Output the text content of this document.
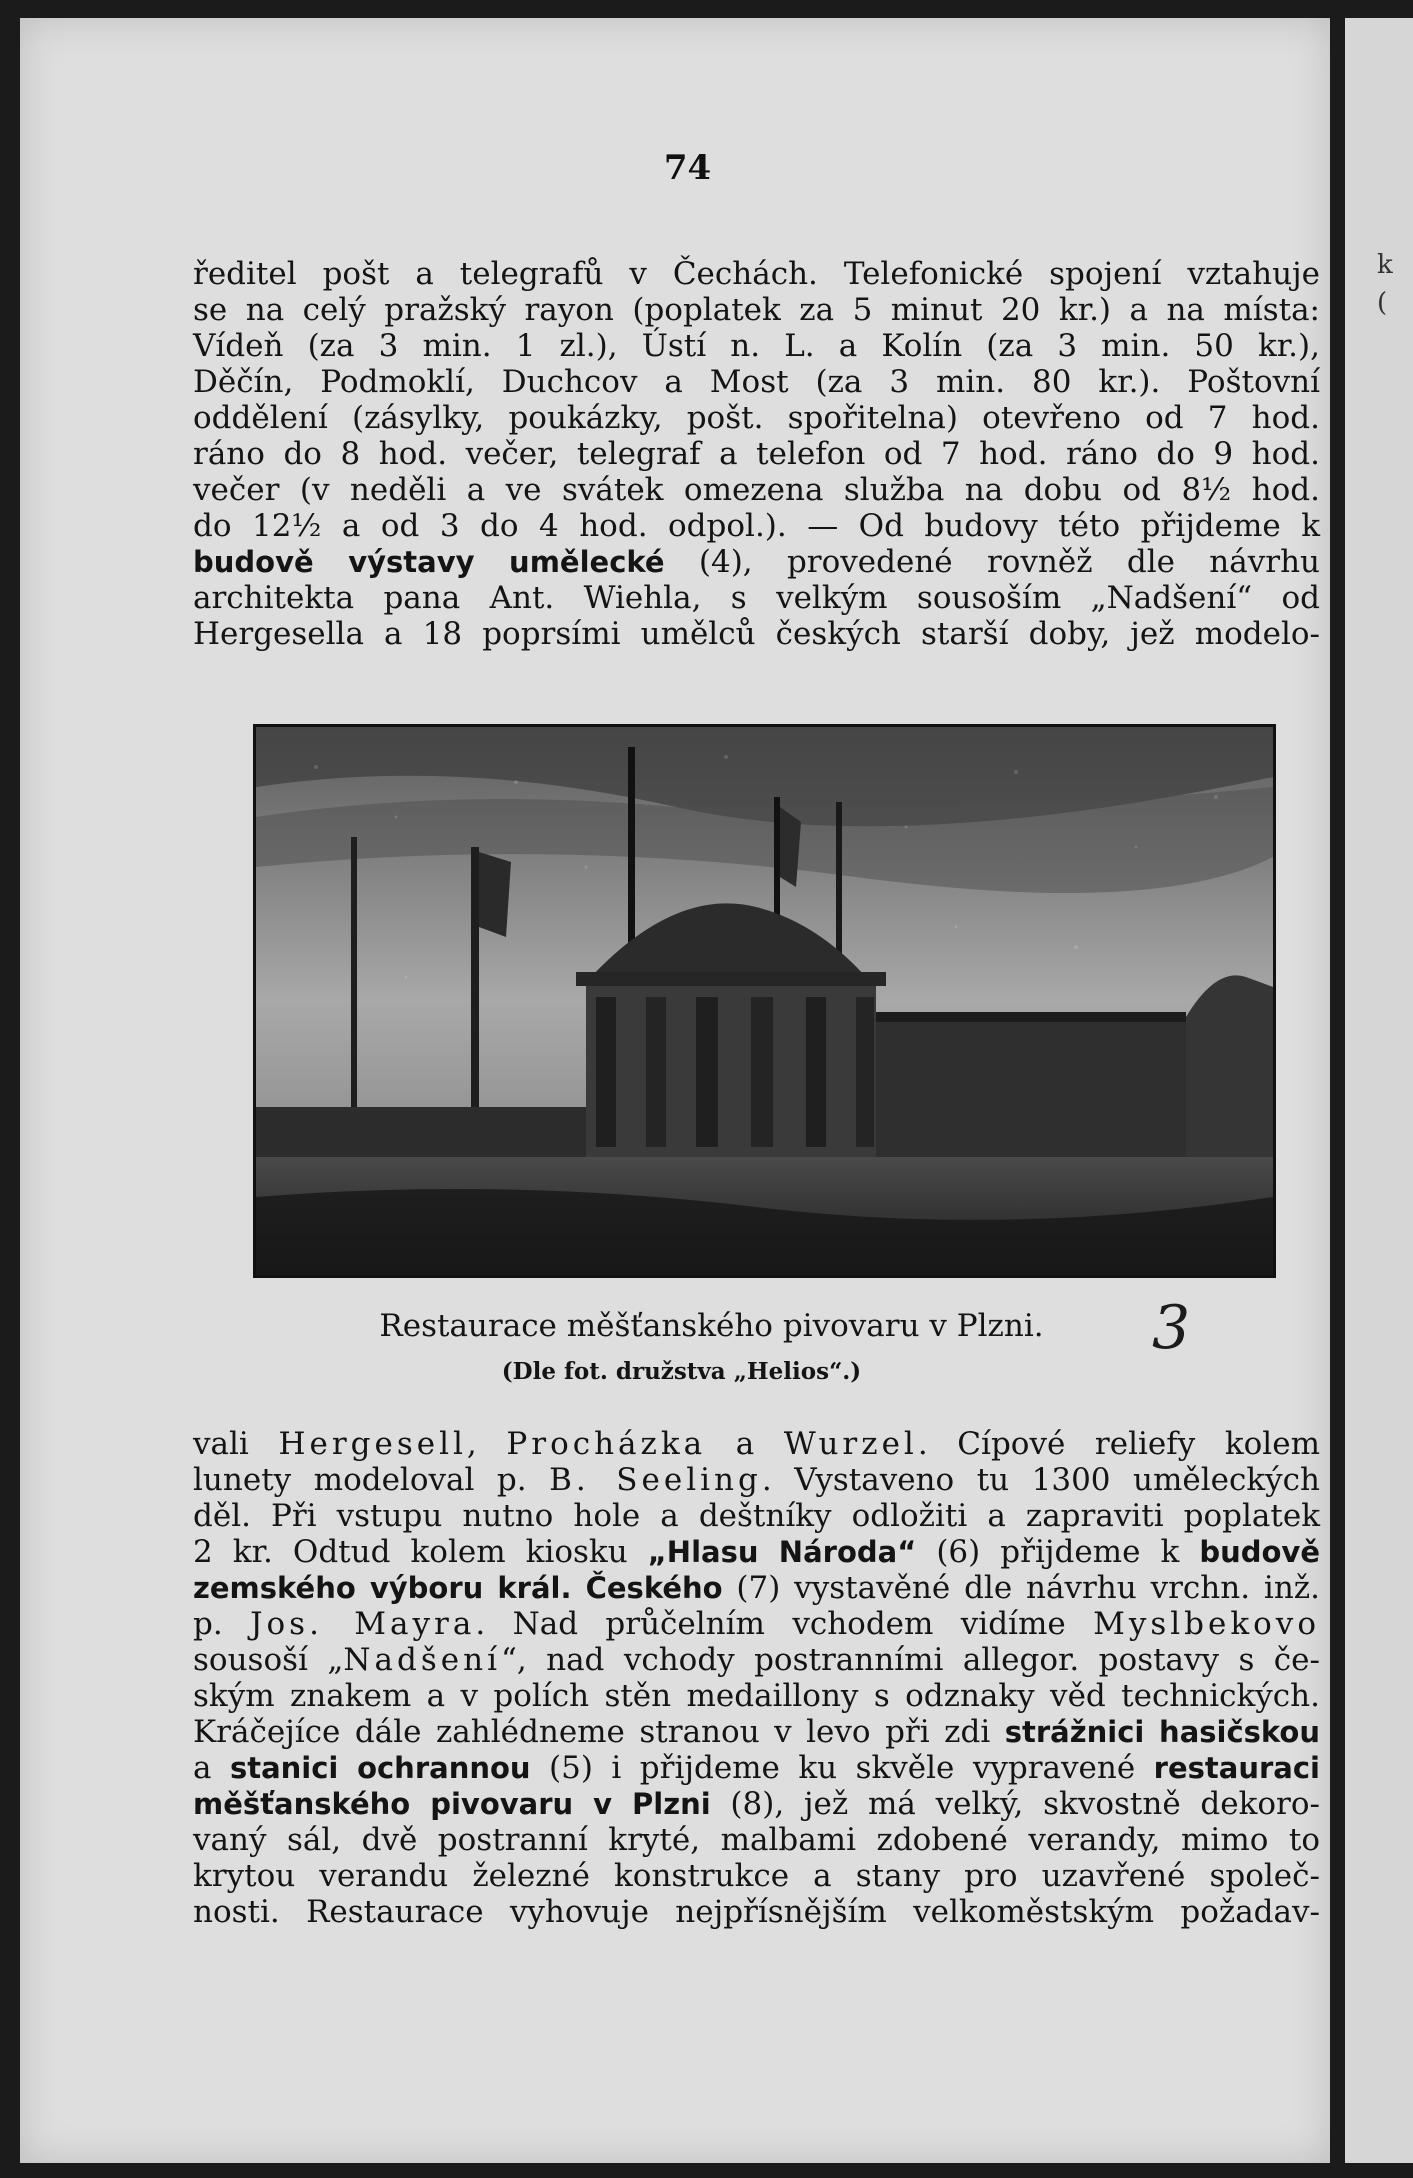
74
ředitel pošt a telegrafů v Čechách. Telefonické spojení vztahuje
se na celý pražský rayon (poplatek za 5 minut 20 kr.) a na místa:
Vídeň (za 3 min. 1 zl.), Ústí n. L. a Kolín (za 3 min. 50 kr.),
Děčín, Podmoklí, Duchcov a Most (za 3 min. 80 kr.). Poštovní
oddělení (zásylky, poukázky, pošt. spořitelna) otevřeno od 7 hod.
ráno do 8 hod. večer, telegraf a telefon od 7 hod. ráno do 9 hod.
večer (v neděli a ve svátek omezena služba na dobu od 8½ hod.
do 12½ a od 3 do 4 hod. odpol.). — Od budovy této přijdeme k
budově výstavy umělecké (4), provedené rovněž dle návrhu
architekta pana Ant. Wiehla, s velkým sousoším „Nadšení“ od
Hergesella a 18 poprsími umělců českých starší doby, jež modelo-
Restaurace měšťanského pivovaru v Plzni.
(Dle fot. družstva „Helios“.)
3
vali Hergesell, Procházka a Wurzel. Cípové reliefy kolem
lunety modeloval p. B. Seeling. Vystaveno tu 1300 uměleckých
děl. Při vstupu nutno hole a deštníky odložiti a zapraviti poplatek
2 kr. Odtud kolem kiosku „Hlasu Národa“ (6) přijdeme k budově
zemského výboru král. Českého (7) vystavěné dle návrhu vrchn. inž.
p. Jos. Mayra. Nad průčelním vchodem vidíme Myslbekovo
sousoší „Nadšení“, nad vchody postranními allegor. postavy s če-
ským znakem a v polích stěn medaillony s odznaky věd technických.
Kráčejíce dále zahlédneme stranou v levo při zdi strážnici hasičskou
a stanici ochrannou (5) i přijdeme ku skvěle vypravené restauraci
měšťanského pivovaru v Plzni (8), jež má velký, skvostně dekoro-
vaný sál, dvě postranní kryté, malbami zdobené verandy, mimo to
krytou verandu železné konstrukce a stany pro uzavřené společ-
nosti. Restaurace vyhovuje nejpřísnějším velkoměstským požadav-
k
(
